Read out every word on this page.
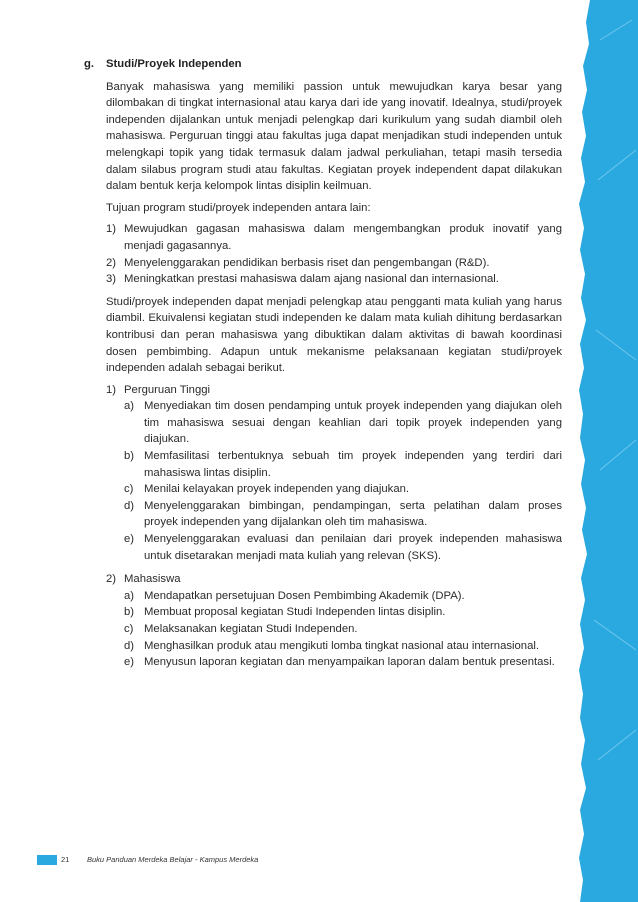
g.	Studi/Proyek Independen

Banyak mahasiswa yang memiliki passion untuk mewujudkan karya besar yang dilombakan di tingkat internasional atau karya dari ide yang inovatif. Idealnya, studi/proyek independen dijalankan untuk menjadi pelengkap dari kurikulum yang sudah diambil oleh mahasiswa. Perguruan tinggi atau fakultas juga dapat menjadikan studi independen untuk melengkapi topik yang tidak termasuk dalam jadwal perkuliahan, tetapi masih tersedia dalam silabus program studi atau fakultas. Kegiatan proyek independent dapat dilakukan dalam bentuk kerja kelompok lintas disiplin keilmuan.

Tujuan program studi/proyek independen antara lain:

1) Mewujudkan gagasan mahasiswa dalam mengembangkan produk inovatif yang menjadi gagasannya.
2) Menyelenggarakan pendidikan berbasis riset dan pengembangan (R&D).
3) Meningkatkan prestasi mahasiswa dalam ajang nasional dan internasional.

Studi/proyek independen dapat menjadi pelengkap atau pengganti mata kuliah yang harus diambil. Ekuivalensi kegiatan studi independen ke dalam mata kuliah dihitung berdasarkan kontribusi dan peran mahasiswa yang dibuktikan dalam aktivitas di bawah koordinasi dosen pembimbing. Adapun untuk mekanisme pelaksanaan kegiatan studi/proyek independen adalah sebagai berikut.

1) Perguruan Tinggi
a) Menyediakan tim dosen pendamping untuk proyek independen yang diajukan oleh tim mahasiswa sesuai dengan keahlian dari topik proyek independen yang diajukan.
b) Memfasilitasi terbentuknya sebuah tim proyek independen yang terdiri dari mahasiswa lintas disiplin.
c) Menilai kelayakan proyek independen yang diajukan.
d) Menyelenggarakan bimbingan, pendampingan, serta pelatihan dalam proses proyek independen yang dijalankan oleh tim mahasiswa.
e) Menyelenggarakan evaluasi dan penilaian dari proyek independen mahasiswa untuk disetarakan menjadi mata kuliah yang relevan (SKS).
2) Mahasiswa
a) Mendapatkan persetujuan Dosen Pembimbing Akademik (DPA).
b) Membuat proposal kegiatan Studi Independen lintas disiplin.
c) Melaksanakan kegiatan Studi Independen.
d) Menghasilkan produk atau mengikuti lomba tingkat nasional atau internasional.
e) Menyusun laporan kegiatan dan menyampaikan laporan dalam bentuk presentasi.
21 Buku Panduan Merdeka Belajar - Kampus Merdeka
